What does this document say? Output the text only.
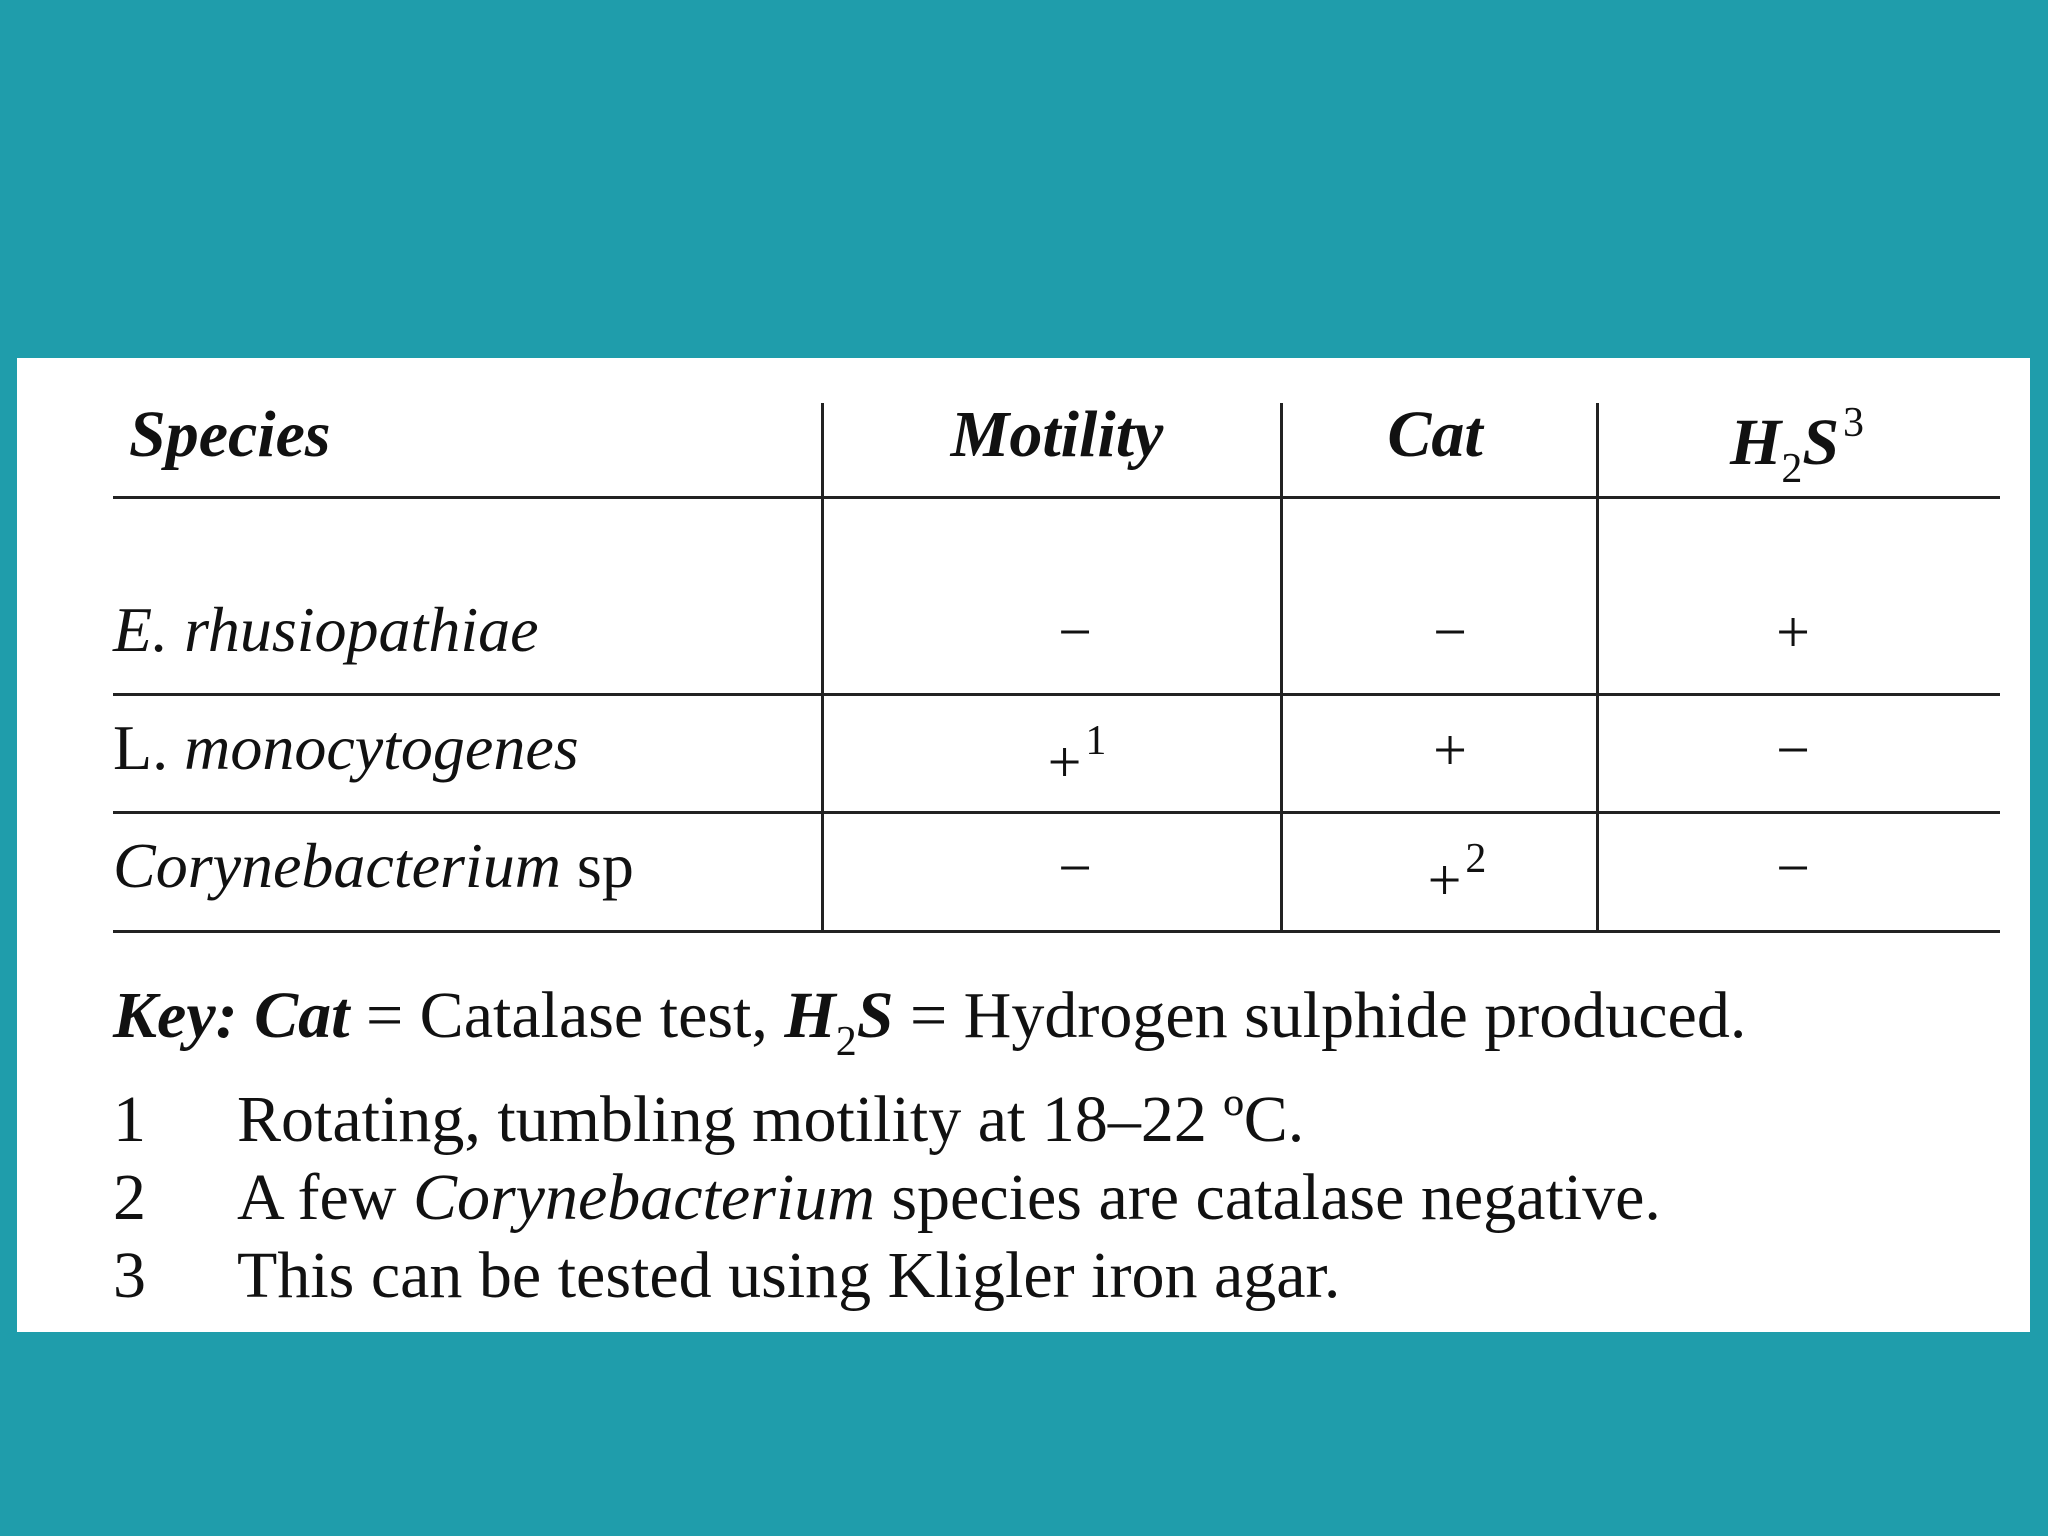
Species	Motility	Cat	$H_2S^3$
E. rhusiopathiae	−	−	+
L. monocytogenes	+$^1$	+	−
Corynebacterium sp	−	+$^2$	−
Key: Cat = Catalase test, $H_2S$ = Hydrogen sulphide produced.
1 Rotating, tumbling motility at 18–22 ºC.
2 A few Corynebacterium species are catalase negative.
3 This can be tested using Kligler iron agar.
